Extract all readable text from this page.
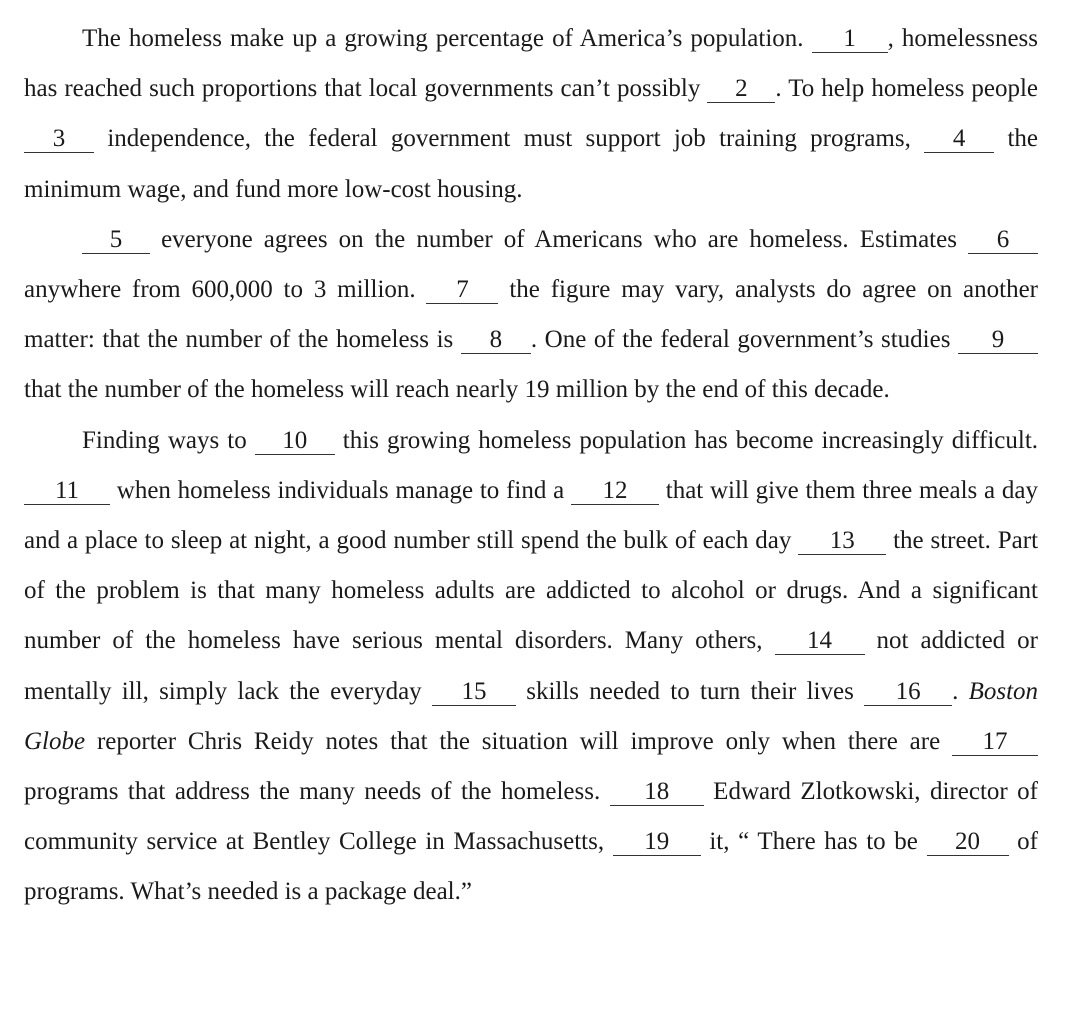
The homeless make up a growing percentage of America’s population. 1 , homelessness has reached such proportions that local governments can’t possibly 2 . To help homeless people 3 independence, the federal government must support job training programs, 4 the minimum wage, and fund more low-cost housing.

5 everyone agrees on the number of Americans who are homeless. Estimates 6 anywhere from 600,000 to 3 million. 7 the figure may vary, analysts do agree on another matter: that the number of the homeless is 8 . One of the federal government’s studies 9 that the number of the homeless will reach nearly 19 million by the end of this decade.

Finding ways to 10 this growing homeless population has become increasingly difficult. 11 when homeless individuals manage to find a 12 that will give them three meals a day and a place to sleep at night, a good number still spend the bulk of each day 13 the street. Part of the problem is that many homeless adults are addicted to alcohol or drugs. And a significant number of the homeless have serious mental disorders. Many others, 14 not addicted or mentally ill, simply lack the everyday 15 skills needed to turn their lives 16 . Boston Globe reporter Chris Reidy notes that the situation will improve only when there are 17 programs that address the many needs of the homeless. 18 Edward Zlotkowski, director of community service at Bentley College in Massachusetts, 19 it, “ There has to be 20 of programs. What’s needed is a package deal.”
